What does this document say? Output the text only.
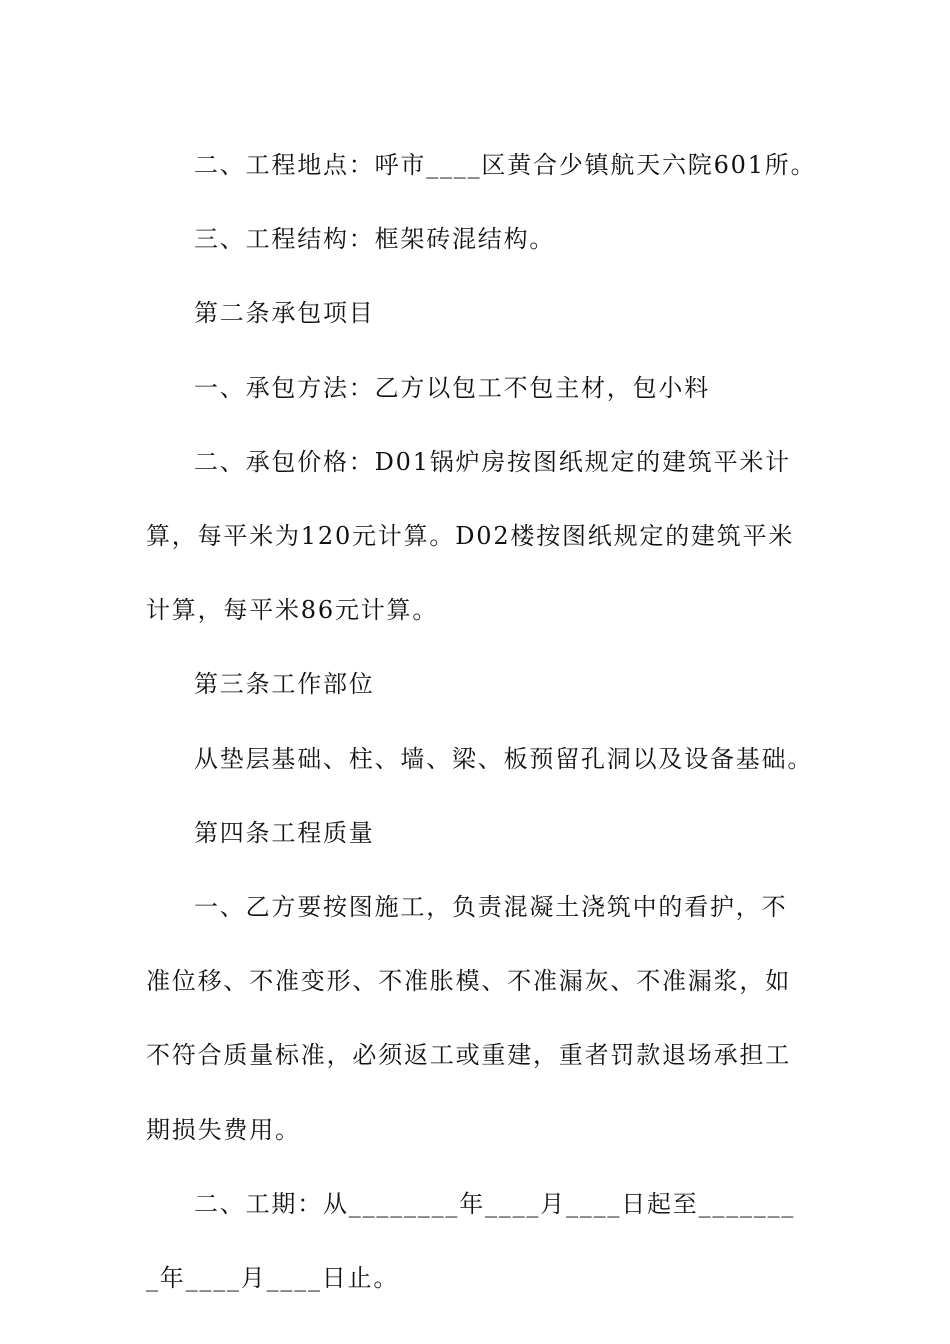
二、工程地点：呼市____区黄合少镇航天六院601所。

三、工程结构：框架砖混结构。

第二条承包项目

一、承包方法：乙方以包工不包主材，包小料

二、承包价格：D01锅炉房按图纸规定的建筑平米计算，每平米为120元计算。D02楼按图纸规定的建筑平米计算，每平米86元计算。

第三条工作部位

从垫层基础、柱、墙、梁、板预留孔洞以及设备基础。

第四条工程质量

一、乙方要按图施工，负责混凝土浇筑中的看护，不准位移、不准变形、不准胀模、不准漏灰、不准漏浆，如不符合质量标准，必须返工或重建，重者罚款退场承担工期损失费用。

二、工期：从________年____月____日起至________年____月____日止。
